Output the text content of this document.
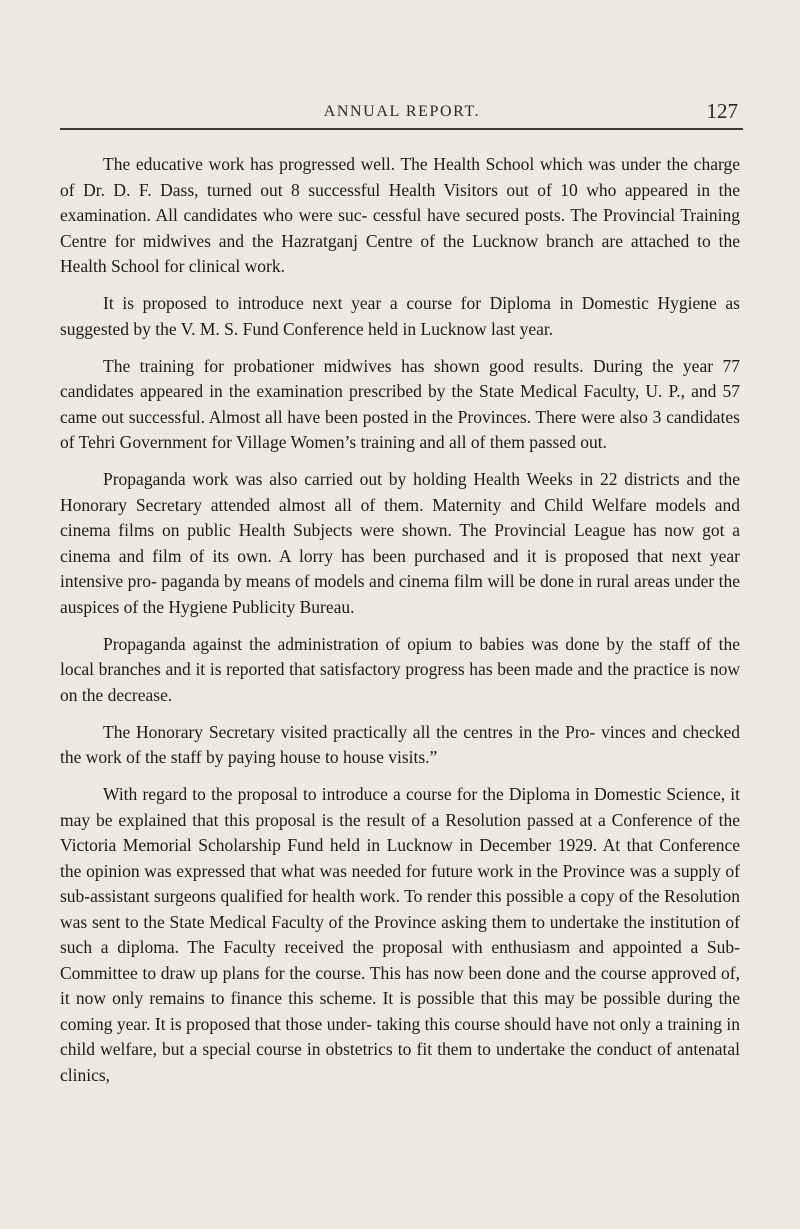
ANNUAL REPORT.	127

The educative work has progressed well. The Health School which was under the charge of Dr. D. F. Dass, turned out 8 successful Health Visitors out of 10 who appeared in the examination. All candidates who were suc- cessful have secured posts. The Provincial Training Centre for midwives and the Hazratganj Centre of the Lucknow branch are attached to the Health School for clinical work.

It is proposed to introduce next year a course for Diploma in Domestic Hygiene as suggested by the V. M. S. Fund Conference held in Lucknow last year.

The training for probationer midwives has shown good results. During the year 77 candidates appeared in the examination prescribed by the State Medical Faculty, U. P., and 57 came out successful. Almost all have been posted in the Provinces. There were also 3 candidates of Tehri Government for Village Women’s training and all of them passed out.

Propaganda work was also carried out by holding Health Weeks in 22 districts and the Honorary Secretary attended almost all of them. Maternity and Child Welfare models and cinema films on public Health Subjects were shown. The Provincial League has now got a cinema and film of its own. A lorry has been purchased and it is proposed that next year intensive pro- paganda by means of models and cinema film will be done in rural areas under the auspices of the Hygiene Publicity Bureau.

Propaganda against the administration of opium to babies was done by the staff of the local branches and it is reported that satisfactory progress has been made and the practice is now on the decrease.

The Honorary Secretary visited practically all the centres in the Pro- vinces and checked the work of the staff by paying house to house visits.”

With regard to the proposal to introduce a course for the Diploma in Domestic Science, it may be explained that this proposal is the result of a Resolution passed at a Conference of the Victoria Memorial Scholarship Fund held in Lucknow in December 1929. At that Conference the opinion was expressed that what was needed for future work in the Province was a supply of sub-assistant surgeons qualified for health work. To render this possible a copy of the Resolution was sent to the State Medical Faculty of the Province asking them to undertake the institution of such a diploma. The Faculty received the proposal with enthusiasm and appointed a Sub-Committee to draw up plans for the course. This has now been done and the course approved of, it now only remains to finance this scheme. It is possible that this may be possible during the coming year. It is proposed that those under- taking this course should have not only a training in child welfare, but a special course in obstetrics to fit them to undertake the conduct of antenatal clinics,
